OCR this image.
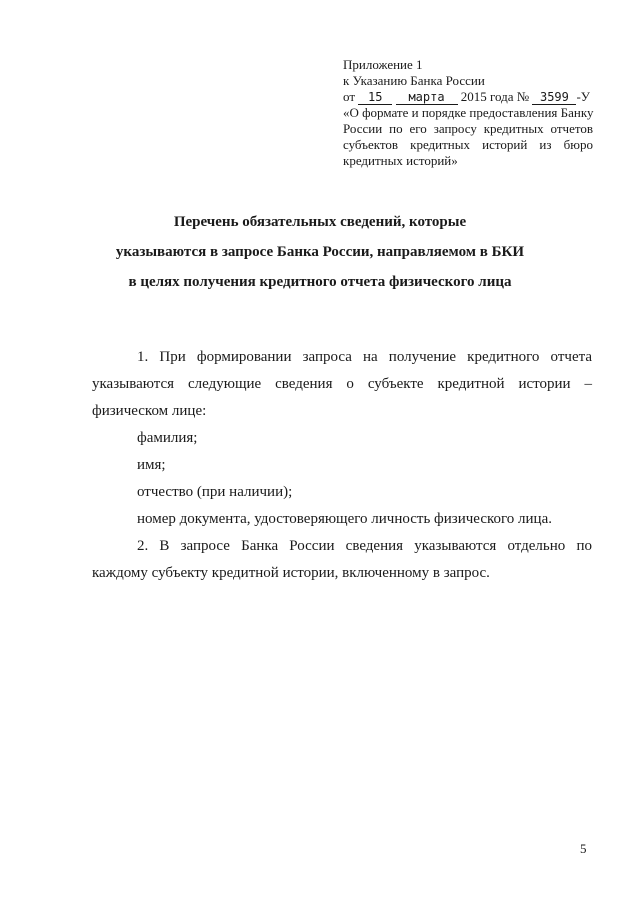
Приложение 1
к Указанию Банка России
от 15 марта 2015 года № 3599 -У
«О формате и порядке предоставления Банку
России по его запросу кредитных отчетов
субъектов кредитных историй из бюро
кредитных историй»
Перечень обязательных сведений, которые
указываются в запросе Банка России, направляемом в БКИ
в целях получения кредитного отчета физического лица
1. При формировании запроса на получение кредитного отчета
указываются следующие сведения о субъекте кредитной истории –
физическом лице:
фамилия;
имя;
отчество (при наличии);
номер документа, удостоверяющего личность физического лица.
2. В запросе Банка России сведения указываются отдельно по
каждому субъекту кредитной истории, включенному в запрос.
5
